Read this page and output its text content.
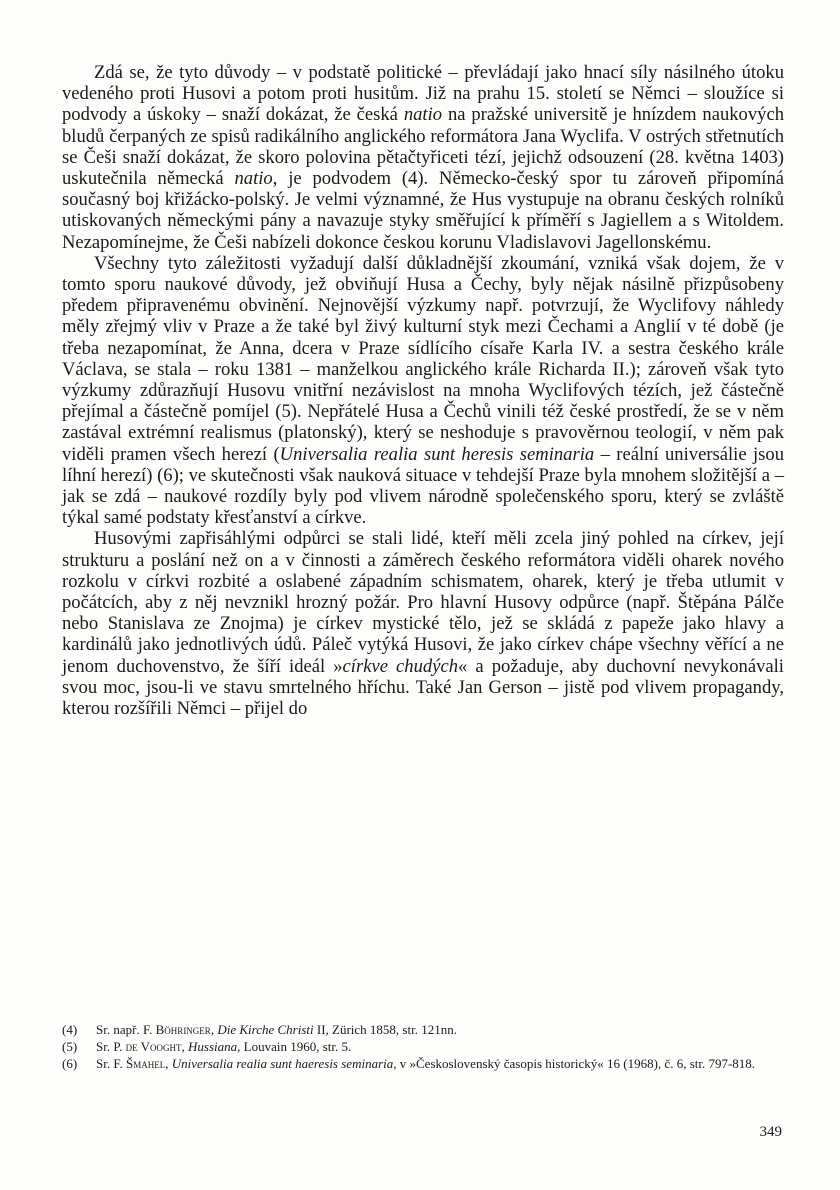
Zdá se, že tyto důvody – v podstatě politické – převládají jako hnací síly násilného útoku vedeného proti Husovi a potom proti husitům. Již na prahu 15. století se Němci – sloužíce si podvody a úskoky – snaží dokázat, že česká natio na pražské universitě je hnízdem naukových bludů čerpaných ze spisů radikálního anglického reformátora Jana Wyclifa. V ostrých střetnutích se Češi snaží dokázat, že skoro polovina pětačtyřiceti tézí, jejichž odsouzení (28. května 1403) uskutečnila německá natio, je podvodem (4). Německo-český spor tu zároveň připomíná současný boj křižácko-polský. Je velmi významné, že Hus vystupuje na obranu českých rolníků utiskovaných německými pány a navazuje styky směřující k příměří s Jagiellem a s Witoldem. Nezapomínejme, že Češi nabízeli dokonce českou korunu Vladislavovi Jagellonskému.

Všechny tyto záležitosti vyžadují další důkladnější zkoumání, vzniká však dojem, že v tomto sporu naukové důvody, jež obviňují Husa a Čechy, byly nějak násilně přizpůsobeny předem připravenému obvinění. Nejnovější výzkumy např. potvrzují, že Wyclifovy náhledy měly zřejmý vliv v Praze a že také byl živý kulturní styk mezi Čechami a Anglií v té době (je třeba nezapomínat, že Anna, dcera v Praze sídlícího císaře Karla IV. a sestra českého krále Václava, se stala – roku 1381 – manželkou anglického krále Richarda II.); zároveň však tyto výzkumy zdůrazňují Husovu vnitřní nezávislost na mnoha Wyclifových tézích, jež částečně přejímal a částečně pomíjel (5). Nepřátelé Husa a Čechů vinili též české prostředí, že se v něm zastával extrémní realismus (platonský), který se neshoduje s pravověrnou teologií, v něm pak viděli pramen všech herezí (Universalia realia sunt heresis seminaria – reální universálie jsou líhní herezí) (6); ve skutečnosti však nauková situace v tehdejší Praze byla mnohem složitější a – jak se zdá – naukové rozdíly byly pod vlivem národně společenského sporu, který se zvláště týkal samé podstaty křesťanství a církve.

Husovými zapřisáhlými odpůrci se stali lidé, kteří měli zcela jiný pohled na církev, její strukturu a poslání než on a v činnosti a záměrech českého reformátora viděli oharek nového rozkolu v církvi rozbité a oslabené západním schismatem, oharek, který je třeba utlumit v počátcích, aby z něj nevznikl hrozný požár. Pro hlavní Husovy odpůrce (např. Štěpána Pálče nebo Stanislava ze Znojma) je církev mystické tělo, jež se skládá z papeže jako hlavy a kardinálů jako jednotlivých údů. Páleč vytýká Husovi, že jako církev chápe všechny věřící a ne jenom duchovenstvo, že šíří ideál »církve chudých« a požaduje, aby duchovní nevykonávali svou moc, jsou-li ve stavu smrtelného hříchu. Také Jan Gerson – jistě pod vlivem propagandy, kterou rozšířili Němci – přijel do

(4)	Sr. např. F. Böhringer, Die Kirche Christi II, Zürich 1858, str. 121nn.
(5)	Sr. P. de Vooght, Hussiana, Louvain 1960, str. 5.
(6)	Sr. F. Šmahel, Universalia realia sunt haeresis seminaria, v »Československý časopis historický« 16 (1968), č. 6, str. 797-818.
349
